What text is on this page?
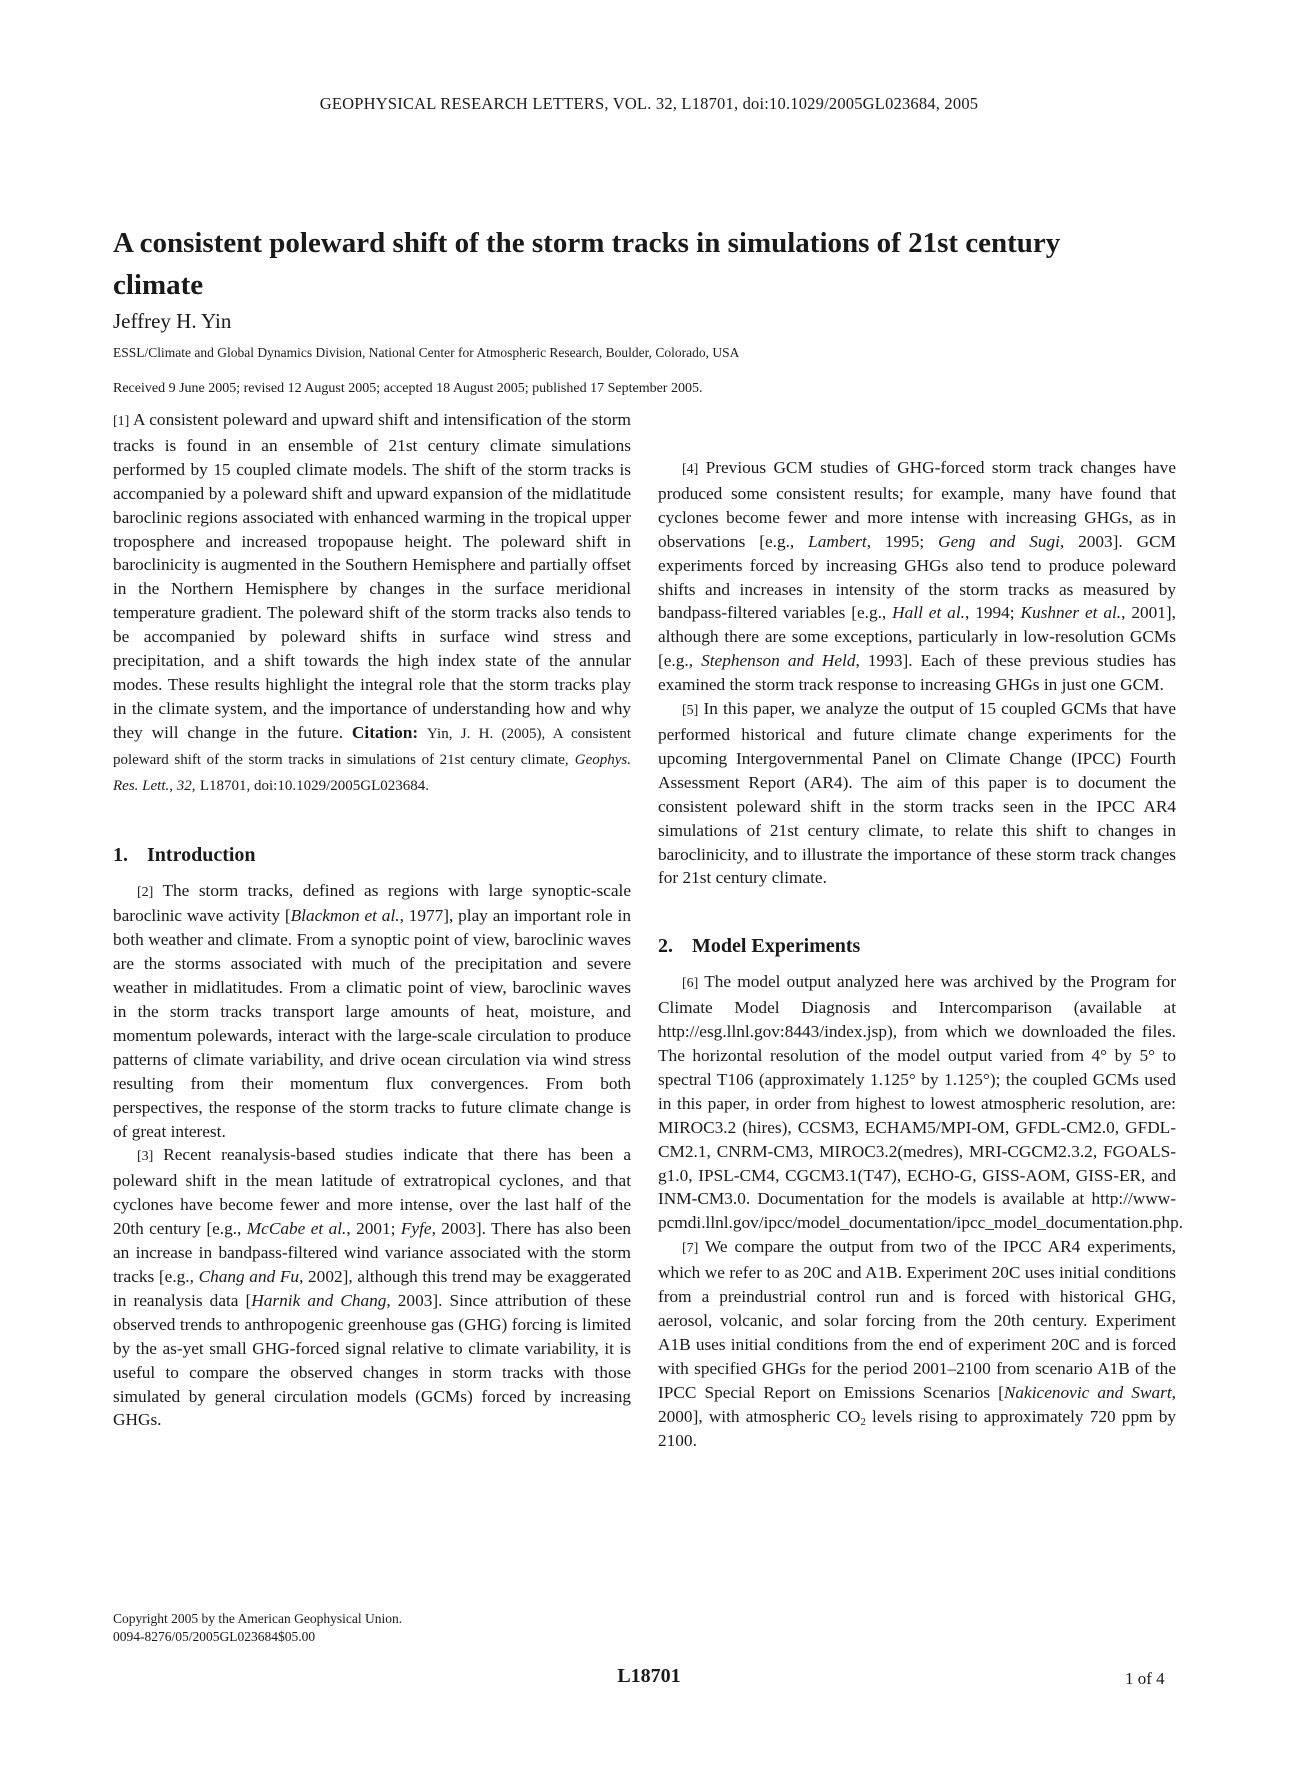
GEOPHYSICAL RESEARCH LETTERS, VOL. 32, L18701, doi:10.1029/2005GL023684, 2005
A consistent poleward shift of the storm tracks in simulations of 21st century climate
Jeffrey H. Yin
ESSL/Climate and Global Dynamics Division, National Center for Atmospheric Research, Boulder, Colorado, USA
Received 9 June 2005; revised 12 August 2005; accepted 18 August 2005; published 17 September 2005.

[1] A consistent poleward and upward shift and intensification of the storm tracks is found in an ensemble of 21st century climate simulations performed by 15 coupled climate models. The shift of the storm tracks is accompanied by a poleward shift and upward expansion of the midlatitude baroclinic regions associated with enhanced warming in the tropical upper troposphere and increased tropopause height. The poleward shift in baroclinicity is augmented in the Southern Hemisphere and partially offset in the Northern Hemisphere by changes in the surface meridional temperature gradient. The poleward shift of the storm tracks also tends to be accompanied by poleward shifts in surface wind stress and precipitation, and a shift towards the high index state of the annular modes. These results highlight the integral role that the storm tracks play in the climate system, and the importance of understanding how and why they will change in the future. Citation: Yin, J. H. (2005), A consistent poleward shift of the storm tracks in simulations of 21st century climate, Geophys. Res. Lett., 32, L18701, doi:10.1029/2005GL023684.

1. Introduction

[2] The storm tracks, defined as regions with large synoptic-scale baroclinic wave activity [Blackmon et al., 1977], play an important role in both weather and climate. From a synoptic point of view, baroclinic waves are the storms associated with much of the precipitation and severe weather in midlatitudes. From a climatic point of view, baroclinic waves in the storm tracks transport large amounts of heat, moisture, and momentum polewards, interact with the large-scale circulation to produce patterns of climate variability, and drive ocean circulation via wind stress resulting from their momentum flux convergences. From both perspectives, the response of the storm tracks to future climate change is of great interest.

[3] Recent reanalysis-based studies indicate that there has been a poleward shift in the mean latitude of extratropical cyclones, and that cyclones have become fewer and more intense, over the last half of the 20th century [e.g., McCabe et al., 2001; Fyfe, 2003]. There has also been an increase in bandpass-filtered wind variance associated with the storm tracks [e.g., Chang and Fu, 2002], although this trend may be exaggerated in reanalysis data [Harnik and Chang, 2003]. Since attribution of these observed trends to anthropogenic greenhouse gas (GHG) forcing is limited by the as-yet small GHG-forced signal relative to climate variability, it is useful to compare the observed changes in storm tracks with those simulated by general circulation models (GCMs) forced by increasing GHGs.

[4] Previous GCM studies of GHG-forced storm track changes have produced some consistent results; for example, many have found that cyclones become fewer and more intense with increasing GHGs, as in observations [e.g., Lambert, 1995; Geng and Sugi, 2003]. GCM experiments forced by increasing GHGs also tend to produce poleward shifts and increases in intensity of the storm tracks as measured by bandpass-filtered variables [e.g., Hall et al., 1994; Kushner et al., 2001], although there are some exceptions, particularly in low-resolution GCMs [e.g., Stephenson and Held, 1993]. Each of these previous studies has examined the storm track response to increasing GHGs in just one GCM.

[5] In this paper, we analyze the output of 15 coupled GCMs that have performed historical and future climate change experiments for the upcoming Intergovernmental Panel on Climate Change (IPCC) Fourth Assessment Report (AR4). The aim of this paper is to document the consistent poleward shift in the storm tracks seen in the IPCC AR4 simulations of 21st century climate, to relate this shift to changes in baroclinicity, and to illustrate the importance of these storm track changes for 21st century climate.

2. Model Experiments

[6] The model output analyzed here was archived by the Program for Climate Model Diagnosis and Intercomparison (available at http://esg.llnl.gov:8443/index.jsp), from which we downloaded the files. The horizontal resolution of the model output varied from 4° by 5° to spectral T106 (approximately 1.125° by 1.125°); the coupled GCMs used in this paper, in order from highest to lowest atmospheric resolution, are: MIROC3.2 (hires), CCSM3, ECHAM5/MPI-OM, GFDL-CM2.0, GFDL-CM2.1, CNRM-CM3, MIROC3.2(medres), MRI-CGCM2.3.2, FGOALS-g1.0, IPSL-CM4, CGCM3.1(T47), ECHO-G, GISS-AOM, GISS-ER, and INM-CM3.0. Documentation for the models is available at http://www-pcmdi.llnl.gov/ipcc/model_documentation/ipcc_model_documentation.php.

[7] We compare the output from two of the IPCC AR4 experiments, which we refer to as 20C and A1B. Experiment 20C uses initial conditions from a preindustrial control run and is forced with historical GHG, aerosol, volcanic, and solar forcing from the 20th century. Experiment A1B uses initial conditions from the end of experiment 20C and is forced with specified GHGs for the period 2001–2100 from scenario A1B of the IPCC Special Report on Emissions Scenarios [Nakicenovic and Swart, 2000], with atmospheric $CO_2$ levels rising to approximately 720 ppm by 2100.

Copyright 2005 by the American Geophysical Union.
0094-8276/05/2005GL023684$05.00
L18701	1 of 4
